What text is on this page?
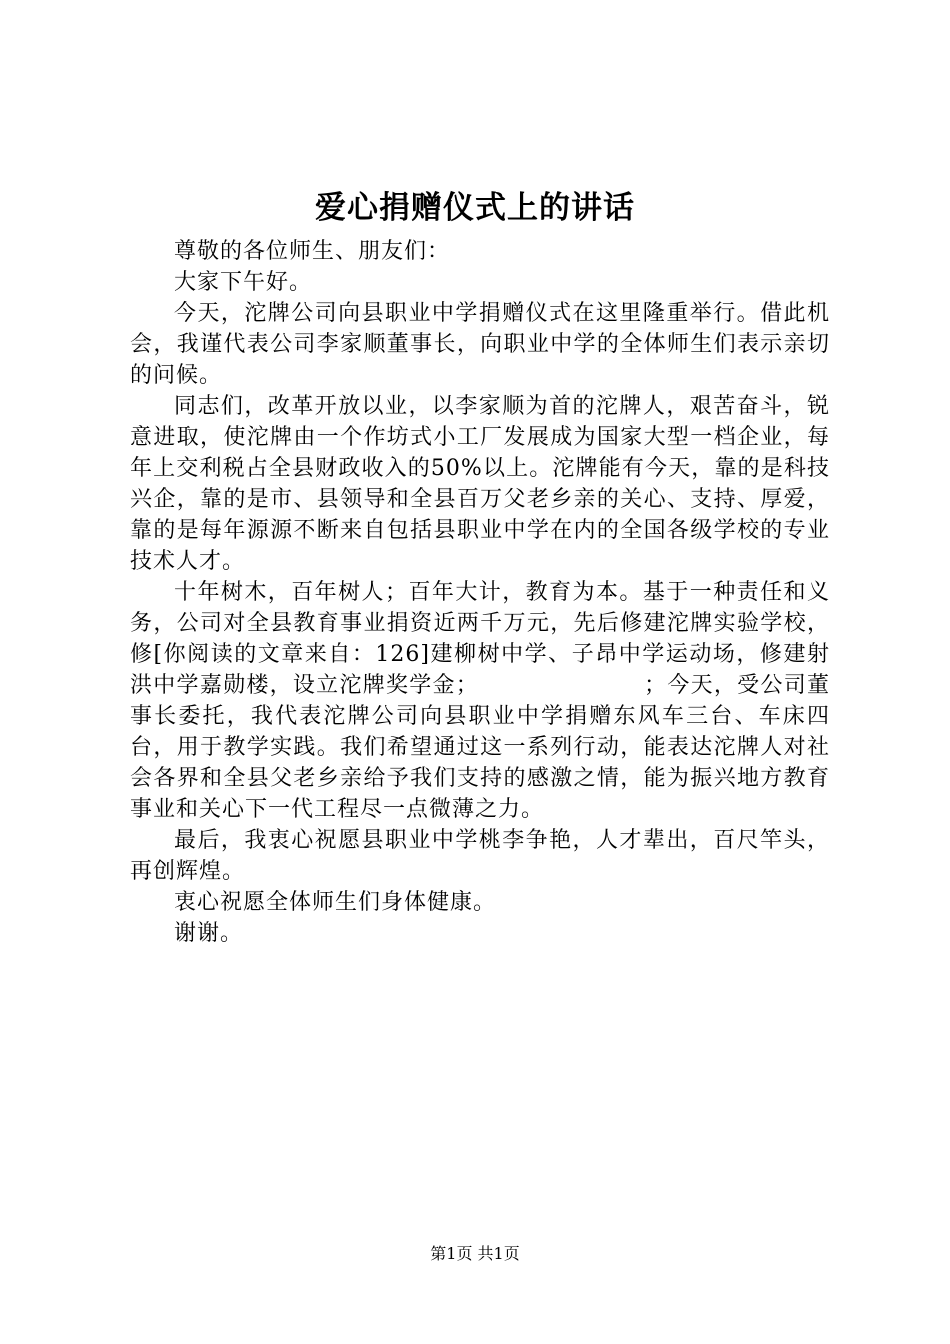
爱心捐赠仪式上的讲话

尊敬的各位师生、朋友们：

大家下午好。

今天，沱牌公司向县职业中学捐赠仪式在这里隆重举行。借此机会，我谨代表公司李家顺董事长，向职业中学的全体师生们表示亲切的问候。

同志们，改革开放以业，以李家顺为首的沱牌人，艰苦奋斗，锐意进取，使沱牌由一个作坊式小工厂发展成为国家大型一档企业，每年上交利税占全县财政收入的50%以上。沱牌能有今天，靠的是科技兴企，靠的是市、县领导和全县百万父老乡亲的关心、支持、厚爱，靠的是每年源源不断来自包括县职业中学在内的全国各级学校的专业技术人才。

十年树木，百年树人；百年大计，教育为本。基于一种责任和义务，公司对全县教育事业捐资近两千万元，先后修建沱牌实验学校，修[你阅读的文章来自：126]建柳树中学、子昂中学运动场，修建射洪中学嘉勋楼，设立沱牌奖学金；                    ；今天，受公司董事长委托，我代表沱牌公司向县职业中学捐赠东风车三台、车床四台，用于教学实践。我们希望通过这一系列行动，能表达沱牌人对社会各界和全县父老乡亲给予我们支持的感激之情，能为振兴地方教育事业和关心下一代工程尽一点微薄之力。

最后，我衷心祝愿县职业中学桃李争艳，人才辈出，百尺竿头，再创辉煌。

衷心祝愿全体师生们身体健康。

谢谢。

第1页 共1页
